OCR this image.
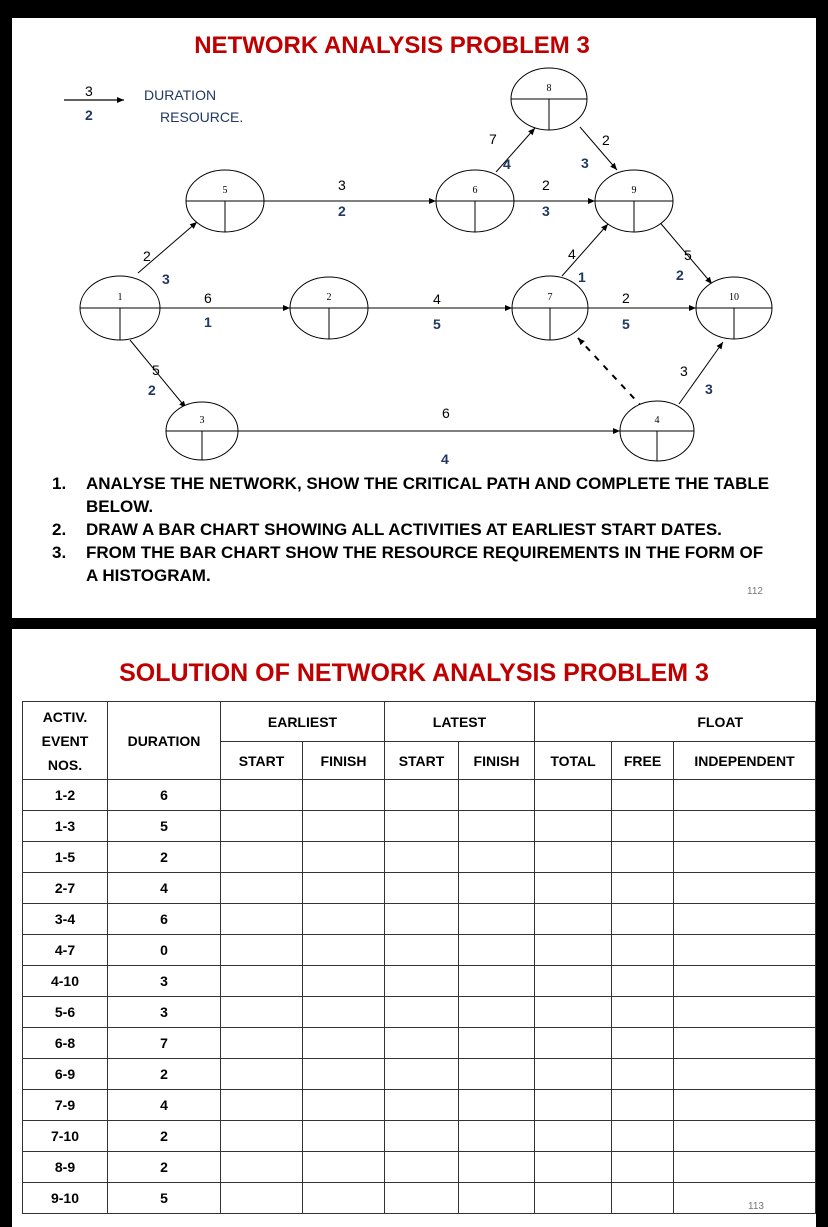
NETWORK ANALYSIS PROBLEM 3
3
2
DURATION
RESOURCE.
2
3
6
1
5
2
3
2
4
5
6
4
7
4
2
3
2
3
4
1
2
5
5
2
3
3
1	2
3	4
5	6
7
8
9
10
1. ANALYSE THE NETWORK, SHOW THE CRITICAL PATH AND COMPLETE THE TABLE BELOW.
2. DRAW A BAR CHART SHOWING ALL ACTIVITIES AT EARLIEST START DATES.
3. FROM THE BAR CHART SHOW THE RESOURCE REQUIREMENTS IN THE FORM OF A HISTOGRAM.
112
SOLUTION OF NETWORK ANALYSIS PROBLEM 3
ACTIV.
EVENT
NOS.	DURATION	EARLIEST		LATEST		FLOAT		
		START	FINISH	START	FINISH	TOTAL	FREE	INDEPENDENT
1-2	6							
1-3	5							
1-5	2							
2-7	4							
3-4	6							
4-7	0							
4-10	3							
5-6	3							
6-8	7							
6-9	2							
7-9	4							
7-10	2							
8-9	2							
9-10	5							
113
